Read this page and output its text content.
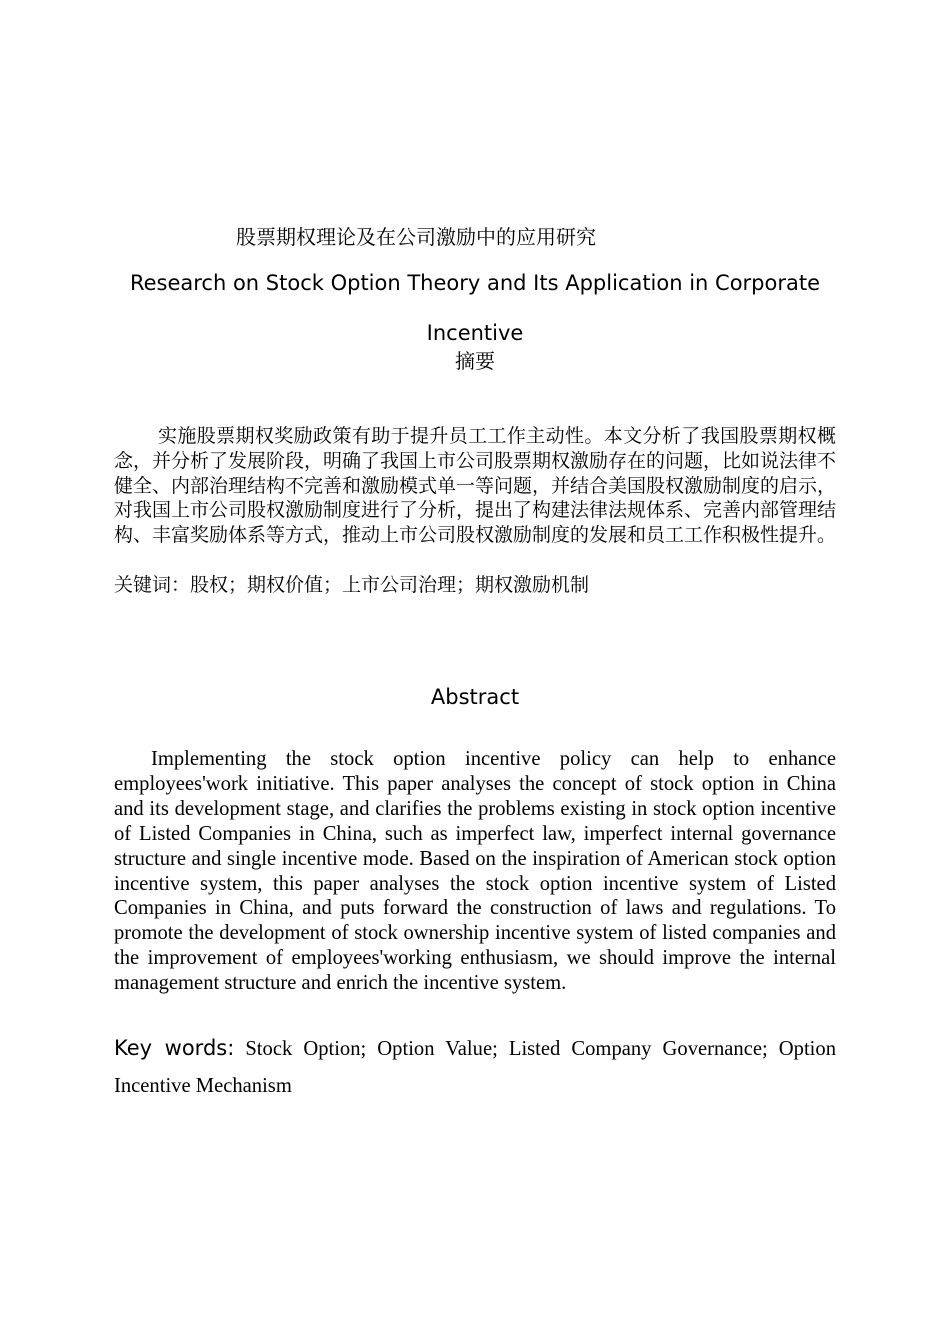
股票期权理论及在公司激励中的应用研究
Research on Stock Option Theory and Its Application in Corporate Incentive
摘要

实施股票期权奖励政策有助于提升员工工作主动性。本文分析了我国股票期权概念，并分析了发展阶段，明确了我国上市公司股票期权激励存在的问题，比如说法律不健全、内部治理结构不完善和激励模式单一等问题，并结合美国股权激励制度的启示，对我国上市公司股权激励制度进行了分析，提出了构建法律法规体系、完善内部管理结构、丰富奖励体系等方式，推动上市公司股权激励制度的发展和员工工作积极性提升。

关键词：股权；期权价值；上市公司治理；期权激励机制

Abstract

Implementing the stock option incentive policy can help to enhance employees'work initiative. This paper analyses the concept of stock option in China and its development stage, and clarifies the problems existing in stock option incentive of Listed Companies in China, such as imperfect law, imperfect internal governance structure and single incentive mode. Based on the inspiration of American stock option incentive system, this paper analyses the stock option incentive system of Listed Companies in China, and puts forward the construction of laws and regulations. To promote the development of stock ownership incentive system of listed companies and the improvement of employees'working enthusiasm, we should improve the internal management structure and enrich the incentive system.

Key words: Stock Option; Option Value; Listed Company Governance; Option Incentive Mechanism
